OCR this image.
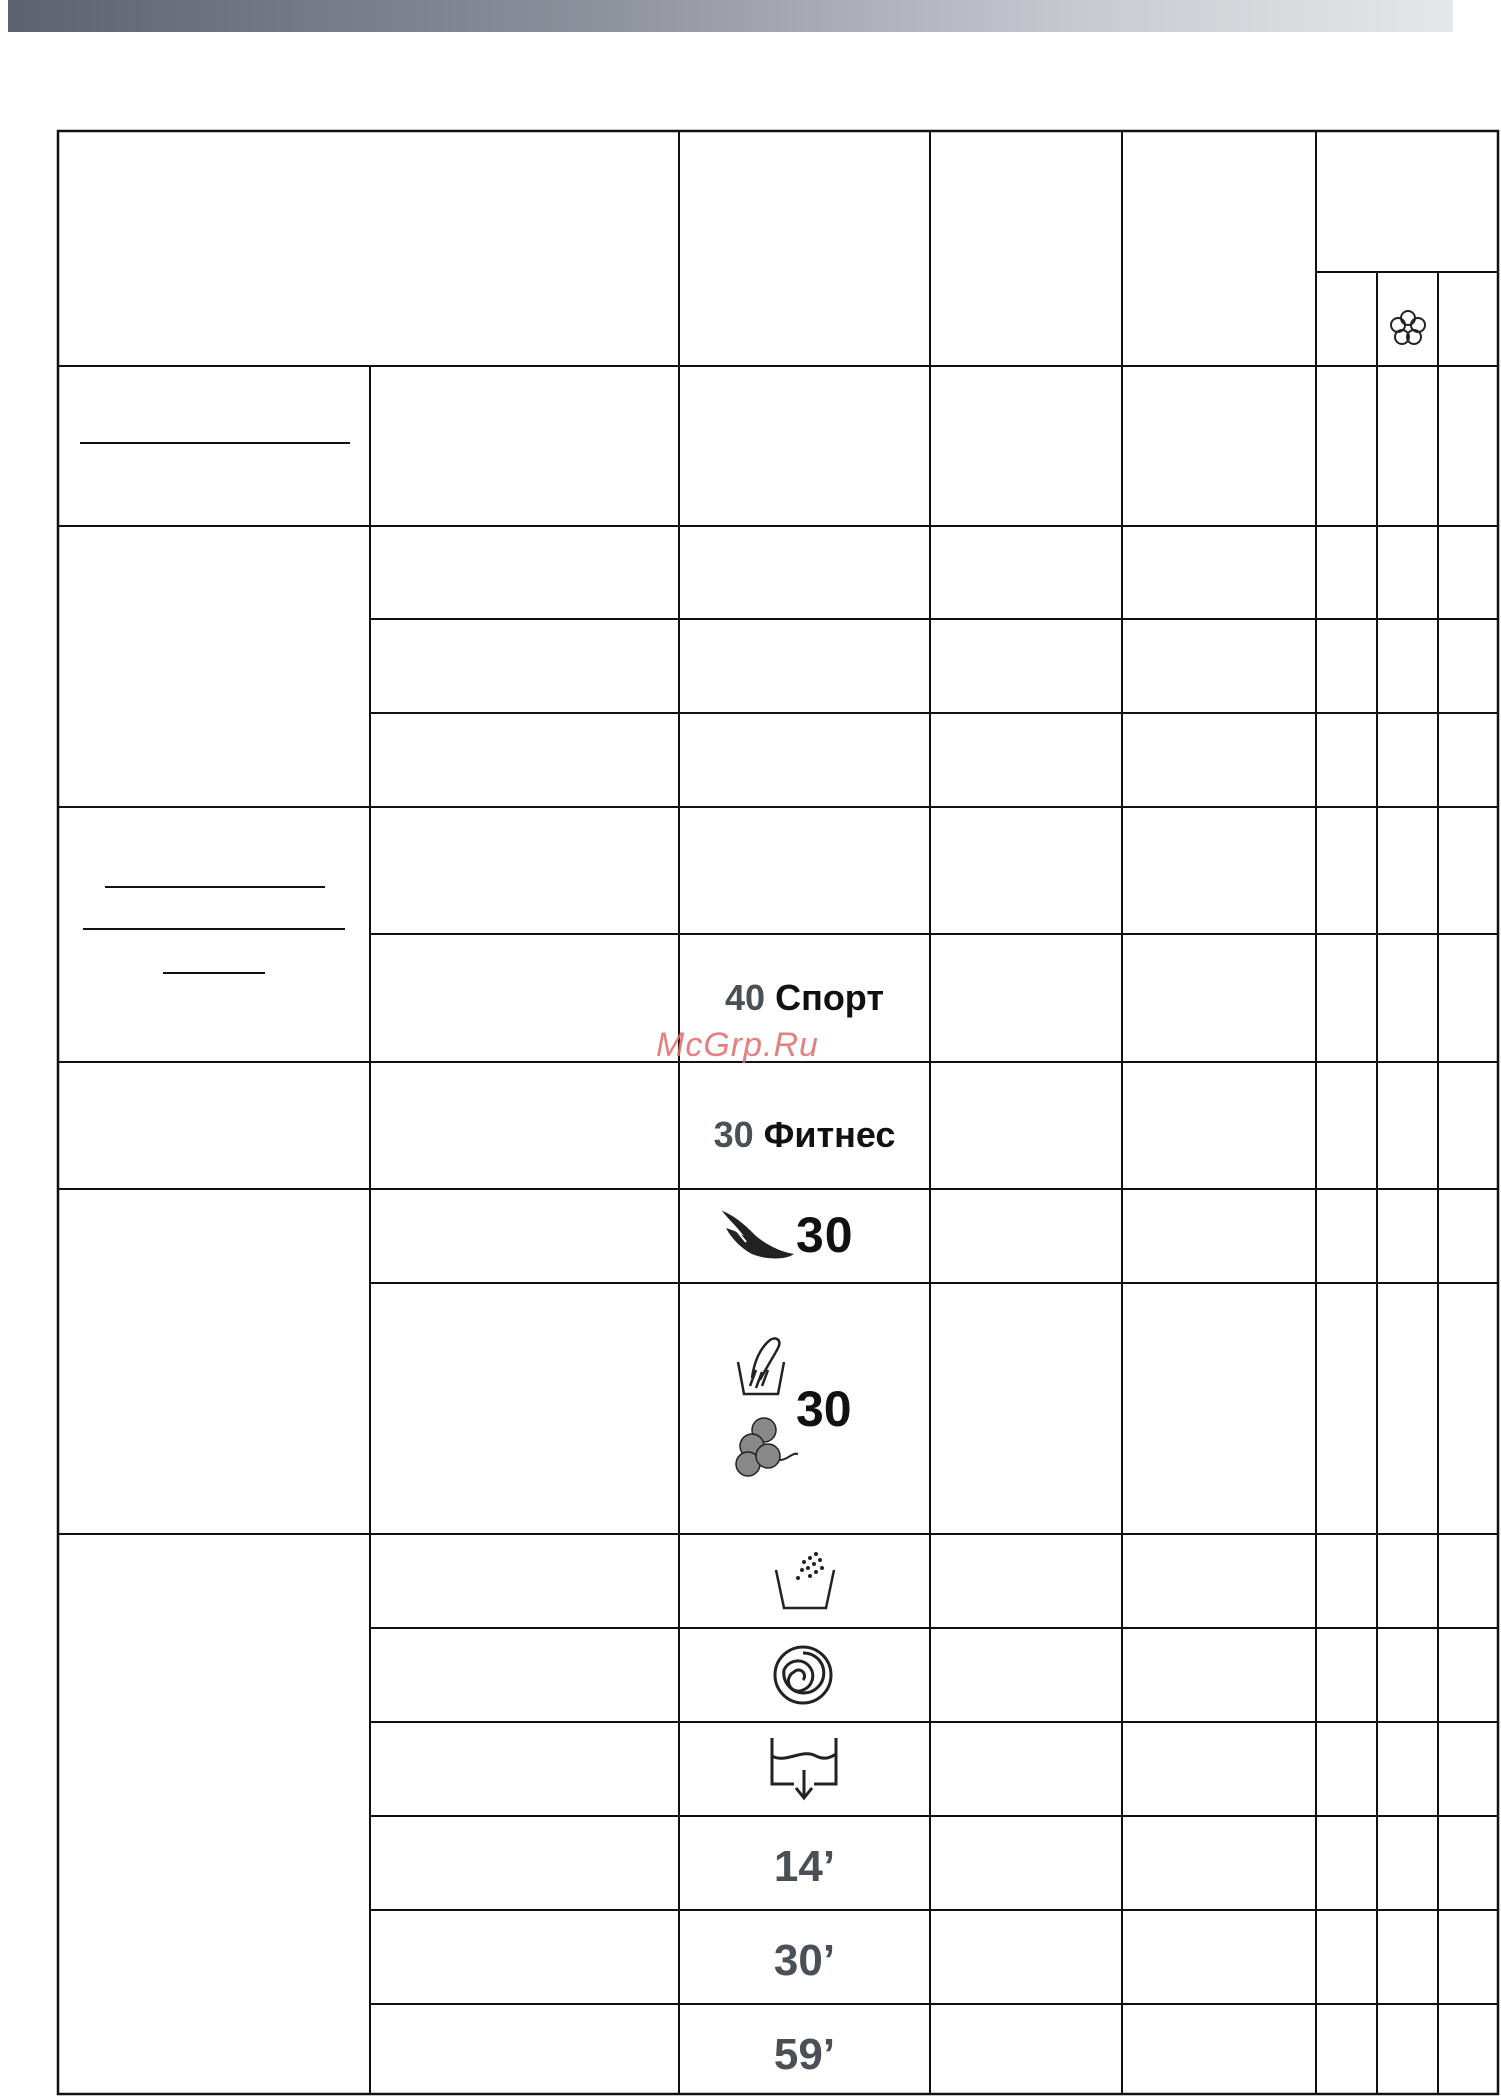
40 Спорт
McGrp.Ru
30 Фитнес
30
30
14’
30’
59’
